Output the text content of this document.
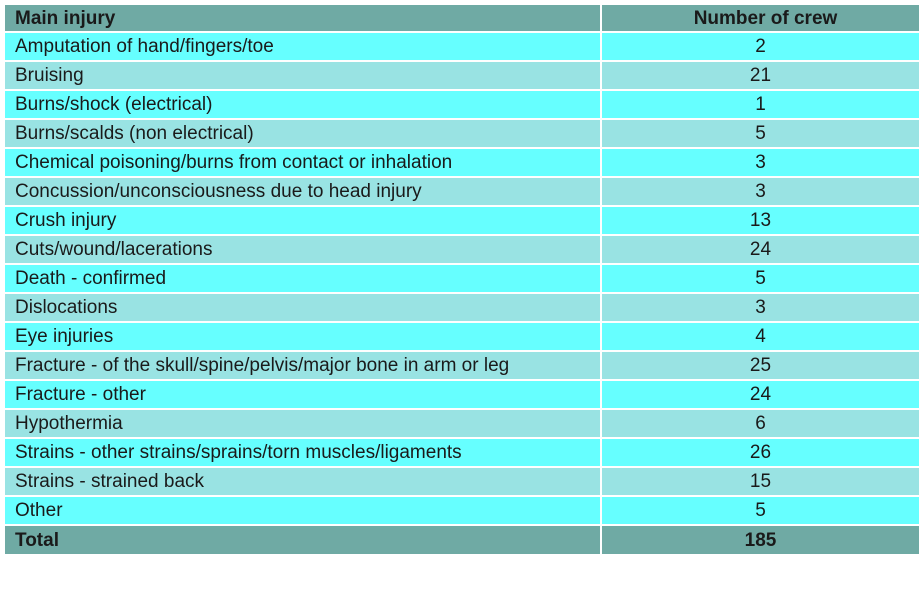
Main injury	Number of crew
Amputation of hand/fingers/toe	2
Bruising	21
Burns/shock (electrical)	1
Burns/scalds (non electrical)	5
Chemical poisoning/burns from contact or inhalation	3
Concussion/unconsciousness due to head injury	3
Crush injury	13
Cuts/wound/lacerations	24
Death - confirmed	5
Dislocations	3
Eye injuries	4
Fracture - of the skull/spine/pelvis/major bone in arm or leg	25
Fracture - other	24
Hypothermia	6
Strains - other strains/sprains/torn muscles/ligaments	26
Strains - strained back	15
Other	5
Total	185
